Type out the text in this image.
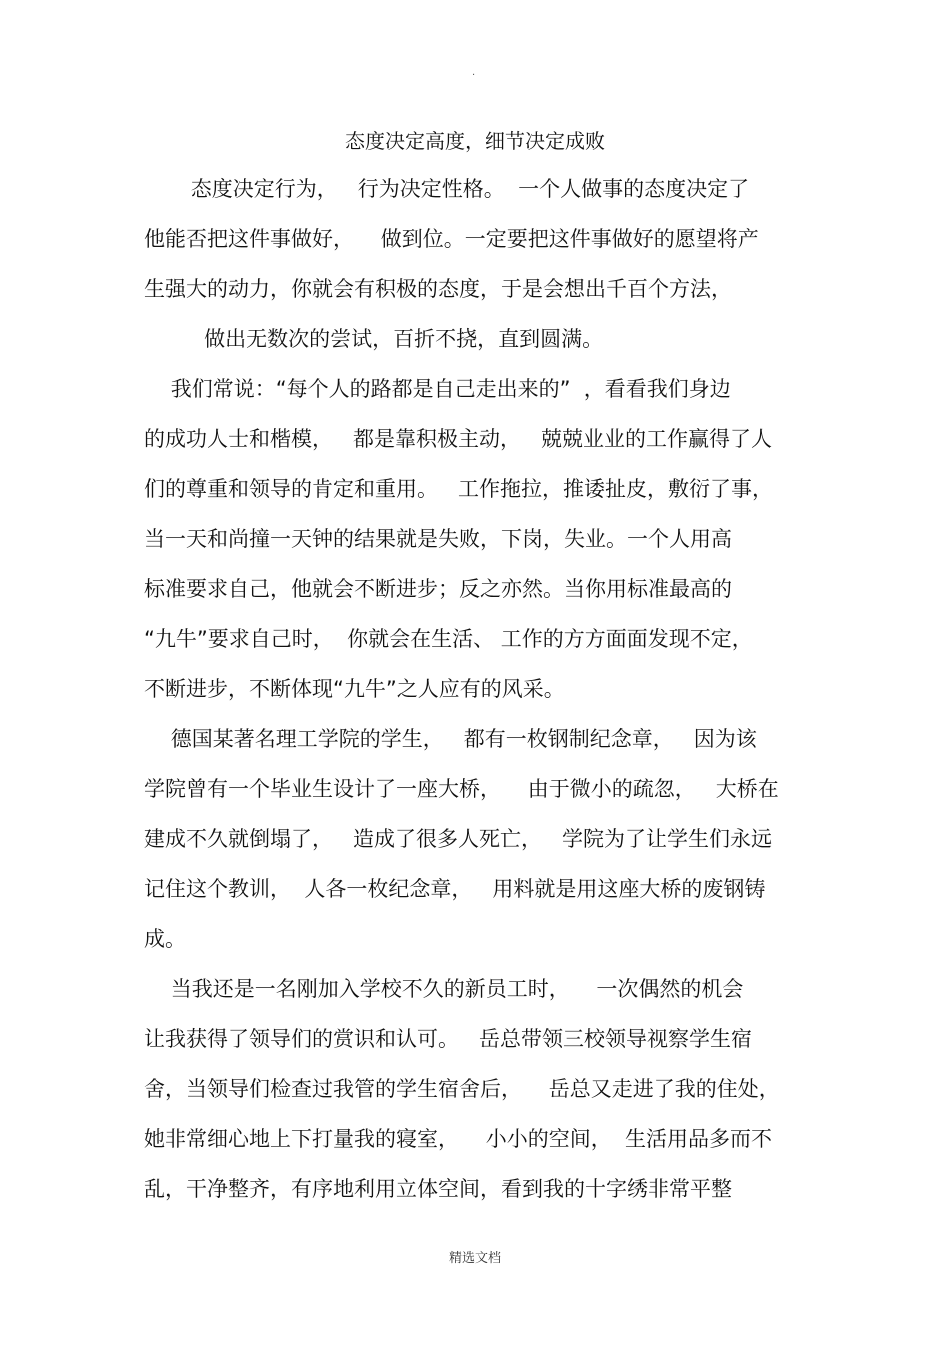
·
态度决定高度，细节决定成败
态度决定行为，   行为决定性格。  一个人做事的态度决定了
他能否把这件事做好，    做到位。一定要把这件事做好的愿望将产
生强大的动力，你就会有积极的态度，于是会想出千百个方法，
做出无数次的尝试，百折不挠，直到圆满。
我们常说：“每个人的路都是自己走出来的”  ，看看我们身边
的成功人士和楷模，   都是靠积极主动，   兢兢业业的工作赢得了人
们的尊重和领导的肯定和重用。   工作拖拉，推诿扯皮，敷衍了事，
当一天和尚撞一天钟的结果就是失败，下岗，失业。一个人用高
标准要求自己，他就会不断进步；反之亦然。当你用标准最高的
“九牛”要求自己时，  你就会在生活、 工作的方方面面发现不定，
不断进步，不断体现“九牛”之人应有的风采。
德国某著名理工学院的学生，   都有一枚钢制纪念章，   因为该
学院曾有一个毕业生设计了一座大桥，    由于微小的疏忽，   大桥在
建成不久就倒塌了，   造成了很多人死亡，   学院为了让学生们永远
记住这个教训，  人各一枚纪念章，   用料就是用这座大桥的废钢铸
成。
当我还是一名刚加入学校不久的新员工时，    一次偶然的机会
让我获得了领导们的赏识和认可。   岳总带领三校领导视察学生宿
舍，当领导们检查过我管的学生宿舍后，    岳总又走进了我的住处，
她非常细心地上下打量我的寝室，    小小的空间，  生活用品多而不
乱，干净整齐，有序地利用立体空间，看到我的十字绣非常平整
精选文档
